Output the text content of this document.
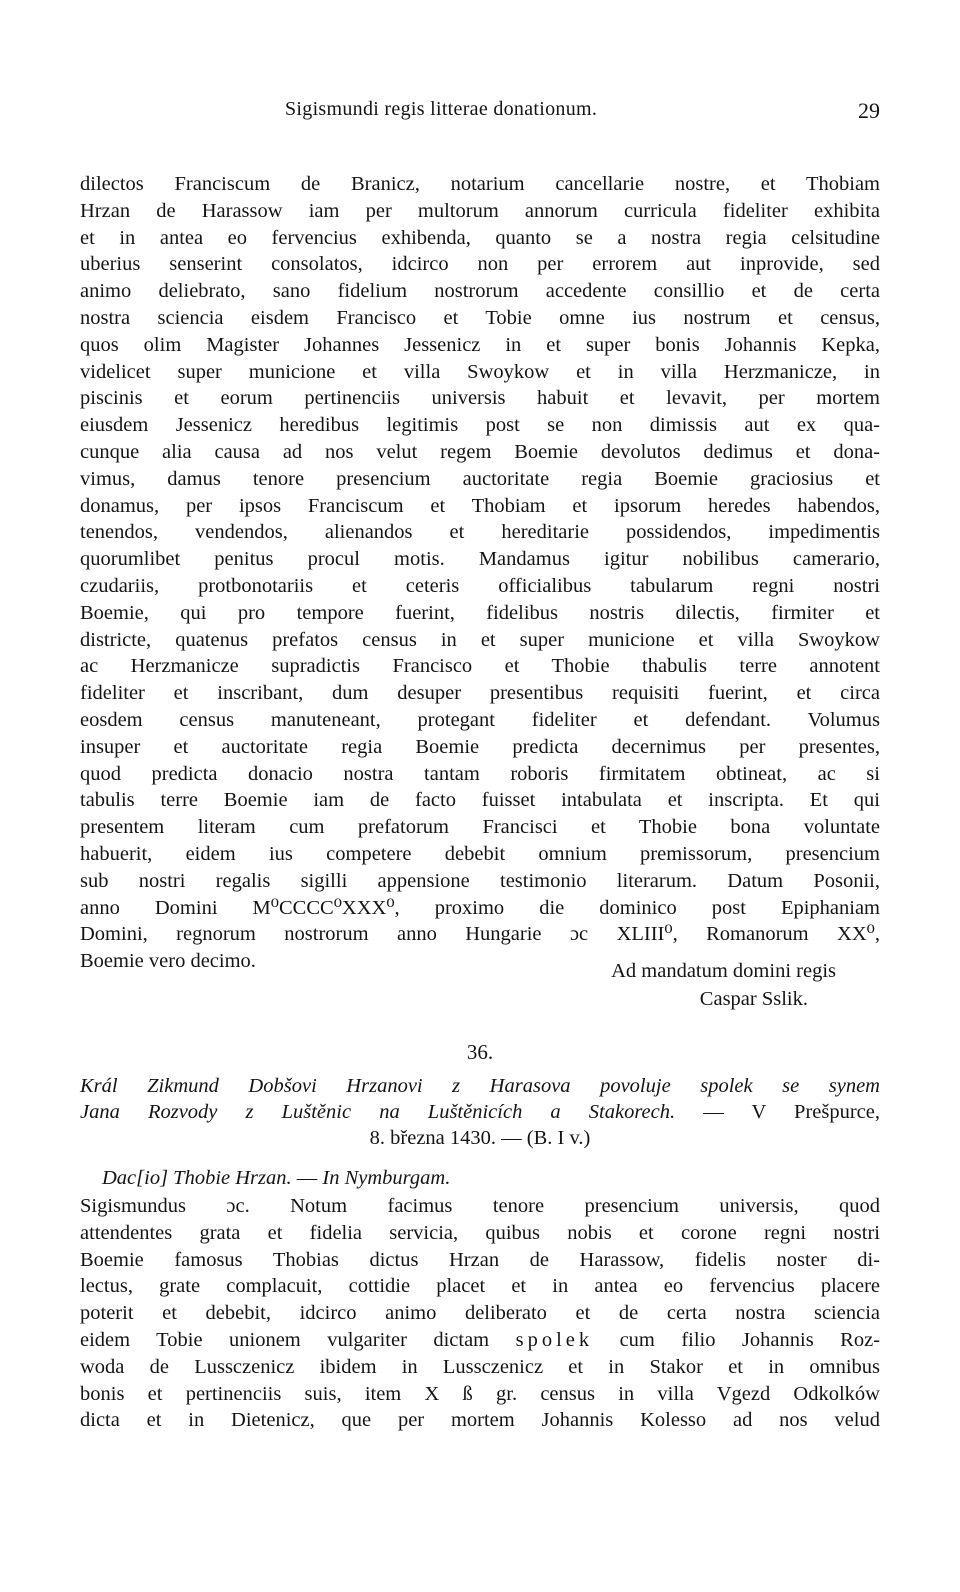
Sigismundi regis litterae donationum.	29
dilectos Franciscum de Branicz, notarium cancellarie nostre, et Thobiam
Hrzan de Harassow iam per multorum annorum curricula fideliter exhibita
et in antea eo fervencius exhibenda, quanto se a nostra regia celsitudine
uberius senserint consolatos, idcirco non per errorem aut inprovide, sed
animo deliebrato, sano fidelium nostrorum accedente consillio et de certa
nostra sciencia eisdem Francisco et Tobie omne ius nostrum et census,
quos olim Magister Johannes Jessenicz in et super bonis Johannis Kepka,
videlicet super municione et villa Swoykow et in villa Herzmanicze, in
piscinis et eorum pertinenciis universis habuit et levavit, per mortem
eiusdem Jessenicz heredibus legitimis post se non dimissis aut ex qua-
cunque alia causa ad nos velut regem Boemie devolutos dedimus et dona-
vimus, damus tenore presencium auctoritate regia Boemie graciosius et
donamus, per ipsos Franciscum et Thobiam et ipsorum heredes habendos,
tenendos, vendendos, alienandos et hereditarie possidendos, impedimentis
quorumlibet penitus procul motis. Mandamus igitur nobilibus camerario,
czudariis, protbonotariis et ceteris officialibus tabularum regni nostri
Boemie, qui pro tempore fuerint, fidelibus nostris dilectis, firmiter et
districte, quatenus prefatos census in et super municione et villa Swoykow
ac Herzmanicze supradictis Francisco et Thobie thabulis terre annotent
fideliter et inscribant, dum desuper presentibus requisiti fuerint, et circa
eosdem census manuteneant, protegant fideliter et defendant. Volumus
insuper et auctoritate regia Boemie predicta decernimus per presentes,
quod predicta donacio nostra tantam roboris firmitatem obtineat, ac si
tabulis terre Boemie iam de facto fuisset intabulata et inscripta. Et qui
presentem literam cum prefatorum Francisci et Thobie bona voluntate
habuerit, eidem ius competere debebit omnium premissorum, presencium
sub nostri regalis sigilli appensione testimonio literarum. Datum Posonii,
anno Domini M⁰CCCC⁰XXX⁰, proximo die dominico post Epiphaniam
Domini, regnorum nostrorum anno Hungarie ɔc XLIII⁰, Romanorum XX⁰,
Boemie vero decimo.	Ad mandatum domini regis
Caspar Sslik.
36.
Král Zikmund Dobšovi Hrzanovi z Harasova povoluje spolek se synem
Jana Rozvody z Luštěnic na Luštěnicích a Stakorech. — V Prešpurce,
8. března 1430. — (B. I v.)
Dac[io] Thobie Hrzan. — In Nymburgam.
Sigismundus ɔc. Notum facimus tenore presencium universis, quod
attendentes grata et fidelia servicia, quibus nobis et corone regni nostri
Boemie famosus Thobias dictus Hrzan de Harassow, fidelis noster di-
lectus, grate complacuit, cottidie placet et in antea eo fervencius placere
poterit et debebit, idcirco animo deliberato et de certa nostra sciencia
eidem Tobie unionem vulgariter dictam spolek cum filio Johannis Roz-
woda de Lussczenicz ibidem in Lussczenicz et in Stakor et in omnibus
bonis et pertinenciis suis, item X ß gr. census in villa Vgezd Odkolków
dicta et in Dietenicz, que per mortem Johannis Kolesso ad nos velud
